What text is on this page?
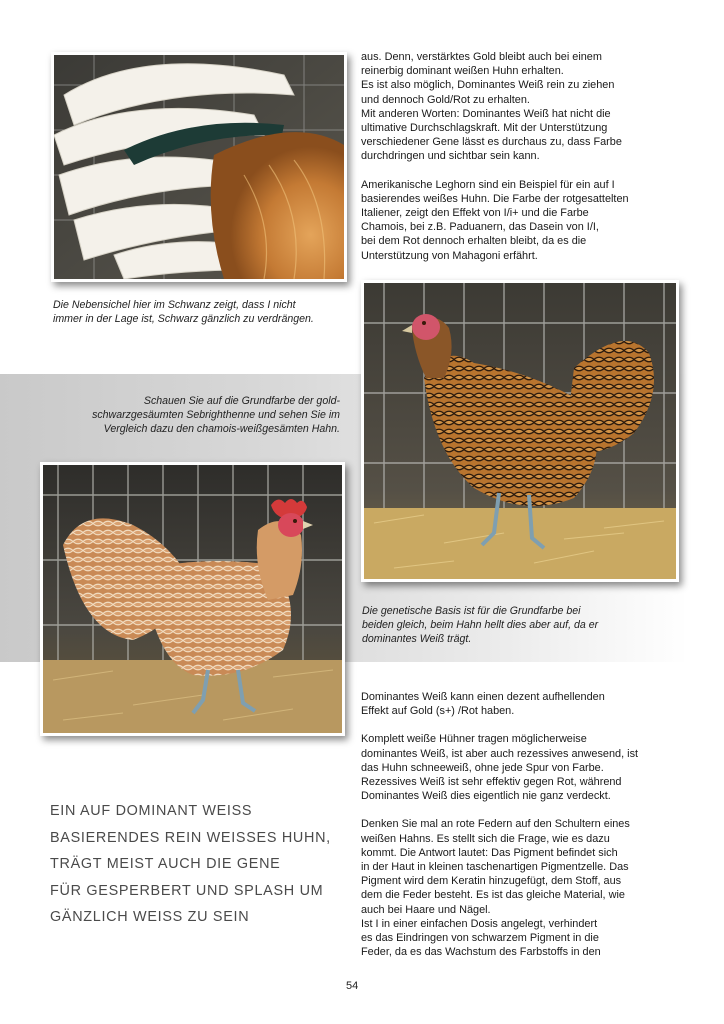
Die Nebensichel hier im Schwanz zeigt, dass I nicht
immer in der Lage ist, Schwarz gänzlich zu verdrängen.

aus. Denn, verstärktes Gold bleibt auch bei einem
reinerbig dominant weißen Huhn erhalten.
Es ist also möglich, Dominantes Weiß rein zu ziehen
und dennoch Gold/Rot zu erhalten.
Mit anderen Worten: Dominantes Weiß hat nicht die
ultimative Durchschlagskraft. Mit der Unterstützung
verschiedener Gene lässt es durchaus zu, dass Farbe
durchdringen und sichtbar sein kann.

Amerikanische Leghorn sind ein Beispiel für ein auf I
basierendes weißes Huhn. Die Farbe der rotgesattelten
Italiener, zeigt den Effekt von I/i+ und die Farbe
Chamois, bei z.B. Paduanern, das Dasein von I/I,
bei dem Rot dennoch erhalten bleibt, da es die
Unterstützung von Mahagoni erfährt.

Schauen Sie auf die Grundfarbe der gold-
schwarzgesäumten Sebrighthenne und sehen Sie im
Vergleich dazu den chamois-weißgesämten Hahn.
Die genetische Basis ist für die Grundfarbe bei
beiden gleich, beim Hahn hellt dies aber auf, da er
dominantes Weiß trägt.

Dominantes Weiß kann einen dezent aufhellenden
Effekt auf Gold (s+) /Rot haben.

Komplett weiße Hühner tragen möglicherweise
dominantes Weiß, ist aber auch rezessives anwesend, ist
das Huhn schneeweiß, ohne jede Spur von Farbe.
Rezessives Weiß ist sehr effektiv gegen Rot, während
Dominantes Weiß dies eigentlich nie ganz verdeckt.

Denken Sie mal an rote Federn auf den Schultern eines
weißen Hahns. Es stellt sich die Frage, wie es dazu
kommt. Die Antwort lautet: Das Pigment befindet sich
in der Haut in kleinen taschenartigen Pigmentzelle. Das
Pigment wird dem Keratin hinzugefügt, dem Stoff, aus
dem die Feder besteht. Es ist das gleiche Material, wie
auch bei Haare und Nägel.
Ist I in einer einfachen Dosis angelegt, verhindert
es das Eindringen von schwarzem Pigment in die
Feder, da es das Wachstum des Farbstoffs in den

EIN AUF DOMINANT WEISS
BASIERENDES REIN WEISSES HUHN,
TRÄGT MEIST AUCH DIE GENE
FÜR GESPERBERT UND SPLASH UM
GÄNZLICH WEISS ZU SEIN
54
